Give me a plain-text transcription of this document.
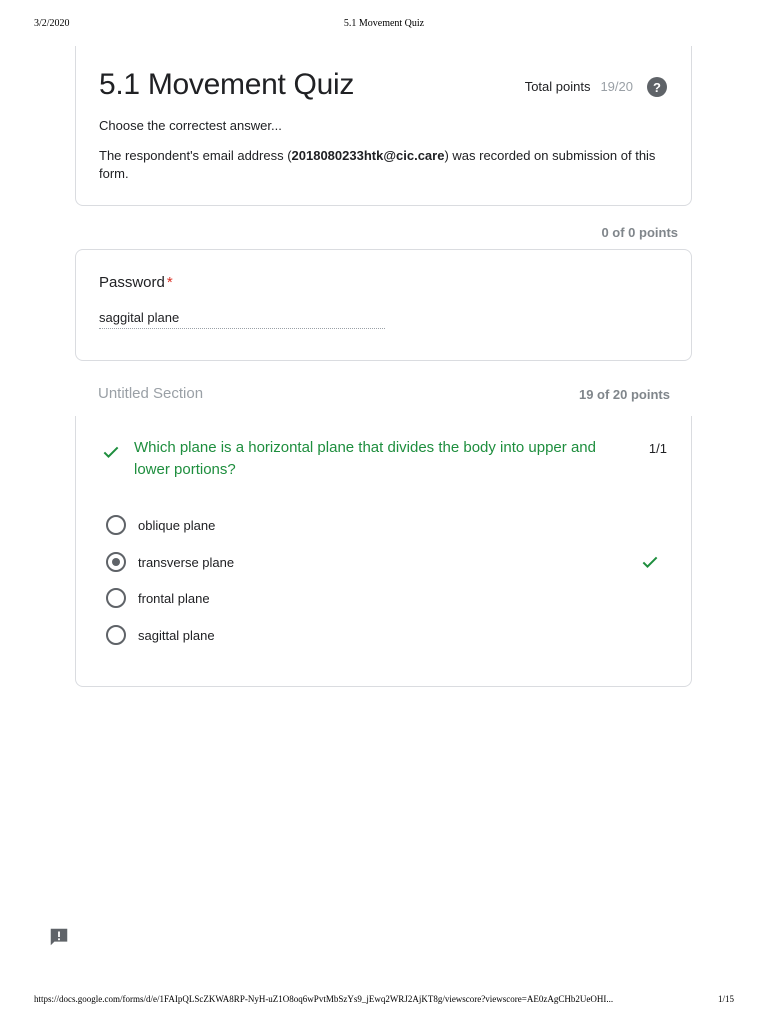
3/2/2020	5.1 Movement Quiz
5.1 Movement Quiz	Total points 19/20	?
Choose the correctest answer...
The respondent's email address (2018080233htk@cic.care) was recorded on submission of this form.
0 of 0 points
Password *
saggital plane
Untitled Section	19 of 20 points
Which plane is a horizontal plane that divides the body into upper and lower portions?
1/1
oblique plane
transverse plane
frontal plane
sagittal plane
https://docs.google.com/forms/d/e/1FAIpQLScZKWA8RP-NyH-uZ1O8oq6wPvtMbSzYs9_jEwq2WRJ2AjKT8g/viewscore?viewscore=AE0zAgCHb2UeOHI...	1/15
